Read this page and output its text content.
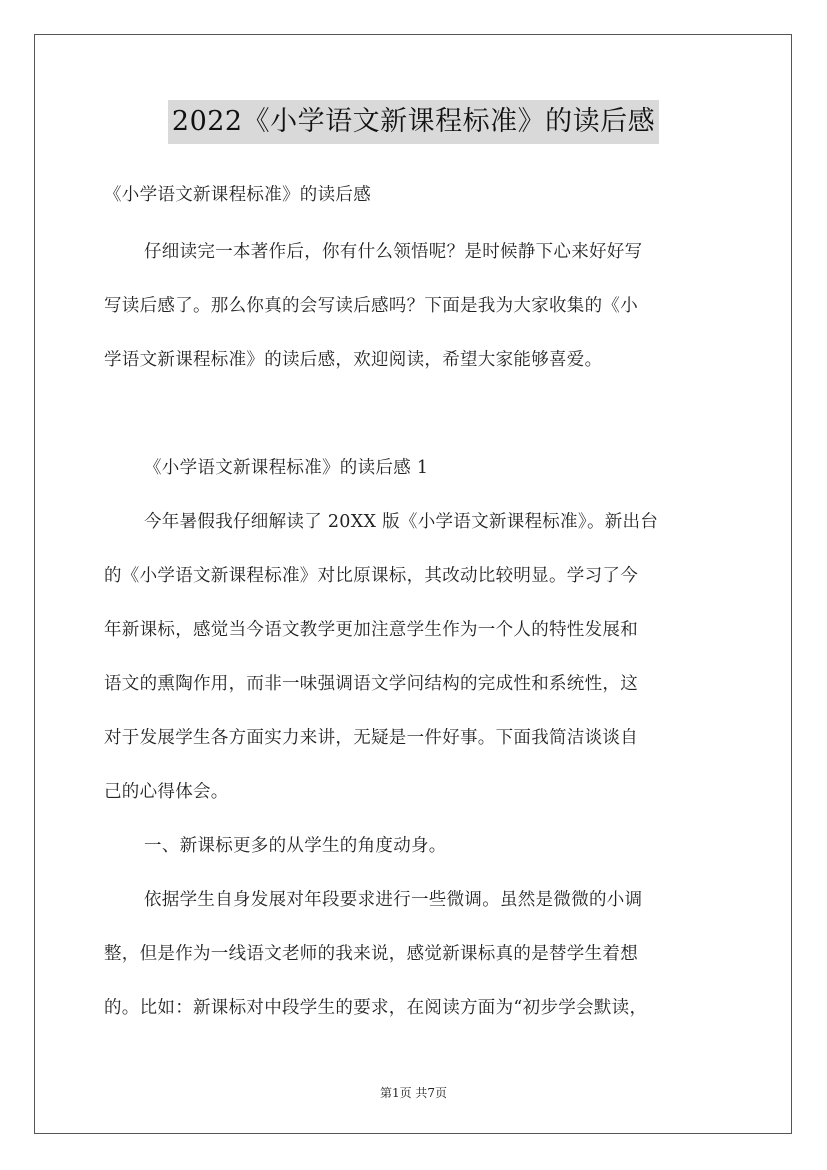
2022《小学语文新课程标准》的读后感
《小学语文新课程标准》的读后感
仔细读完一本著作后，你有什么领悟呢？是时候静下心来好好写
写读后感了。那么你真的会写读后感吗？下面是我为大家收集的《小
学语文新课程标准》的读后感，欢迎阅读，希望大家能够喜爱。
《小学语文新课程标准》的读后感 1
今年暑假我仔细解读了 20XX 版《小学语文新课程标准》。新出台
的《小学语文新课程标准》对比原课标，其改动比较明显。学习了今
年新课标，感觉当今语文教学更加注意学生作为一个人的特性发展和
语文的熏陶作用，而非一味强调语文学问结构的完成性和系统性，这
对于发展学生各方面实力来讲，无疑是一件好事。下面我简洁谈谈自
己的心得体会。
一、新课标更多的从学生的角度动身。
依据学生自身发展对年段要求进行一些微调。虽然是微微的小调
整，但是作为一线语文老师的我来说，感觉新课标真的是替学生着想
的。比如：新课标对中段学生的要求，在阅读方面为“初步学会默读，
第1页 共7页
